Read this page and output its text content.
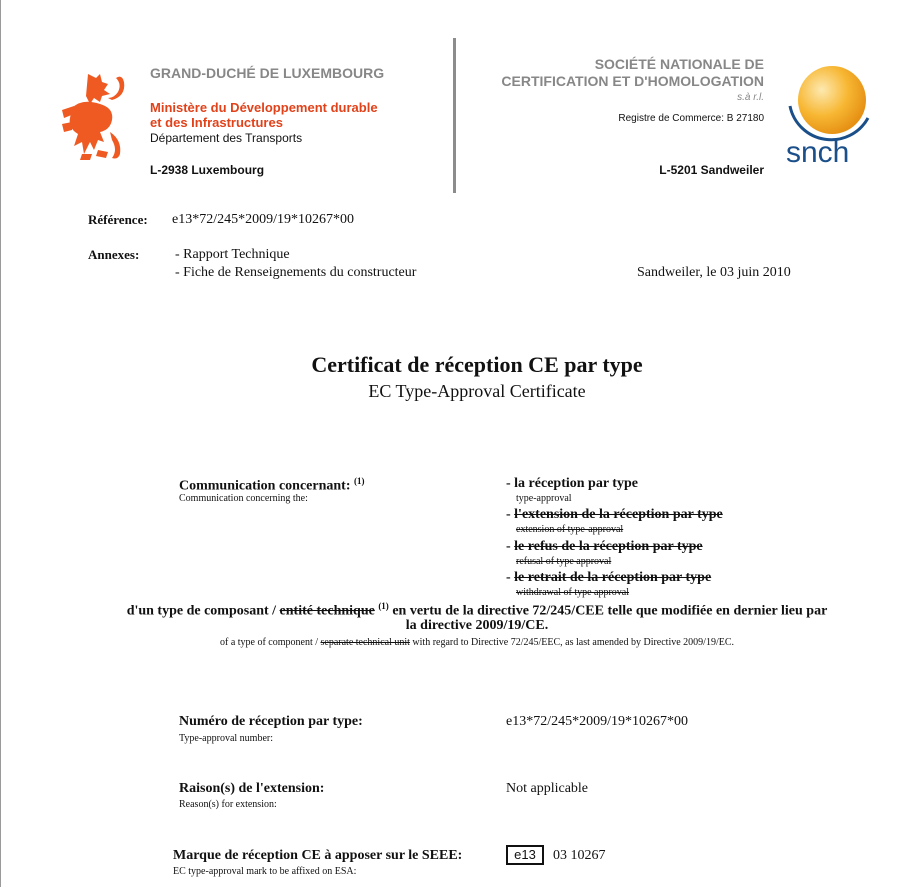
GRAND-DUCHÉ DE LUXEMBOURG
Ministère du Développement durable
et des Infrastructures
Département des Transports
L-2938 Luxembourg
SOCIÉTÉ NATIONALE DE
CERTIFICATION ET D'HOMOLOGATION
s.à r.l.
Registre de Commerce: B 27180
L-5201 Sandweiler
snch
Référence: e13*72/245*2009/19*10267*00
Annexes:	- Rapport Technique
- Fiche de Renseignements du constructeur	Sandweiler, le 03 juin 2010
Certificat de réception CE par type
EC Type-Approval Certificate
Communication concernant: $^{(1)}$
Communication concerning the:
- la réception par type
type-approval
- l'extension de la réception par type
extension of type-approval
- le refus de la réception par type
refusal of type approval
- le retrait de la réception par type
withdrawal of type approval
d'un type de composant / entité technique $^{(1)}$ en vertu de la directive 72/245/CEE telle que modifiée en dernier lieu par
la directive 2009/19/CE.
of a type of component / separate technical unit with regard to Directive 72/245/EEC, as last amended by Directive 2009/19/EC.
Numéro de réception par type:
Type-approval number:
e13*72/245*2009/19*10267*00
Raison(s) de l'extension:
Reason(s) for extension:
Not applicable
Marque de réception CE à apposer sur le SEEE:
EC type-approval mark to be affixed on ESA:
e13	03 10267
